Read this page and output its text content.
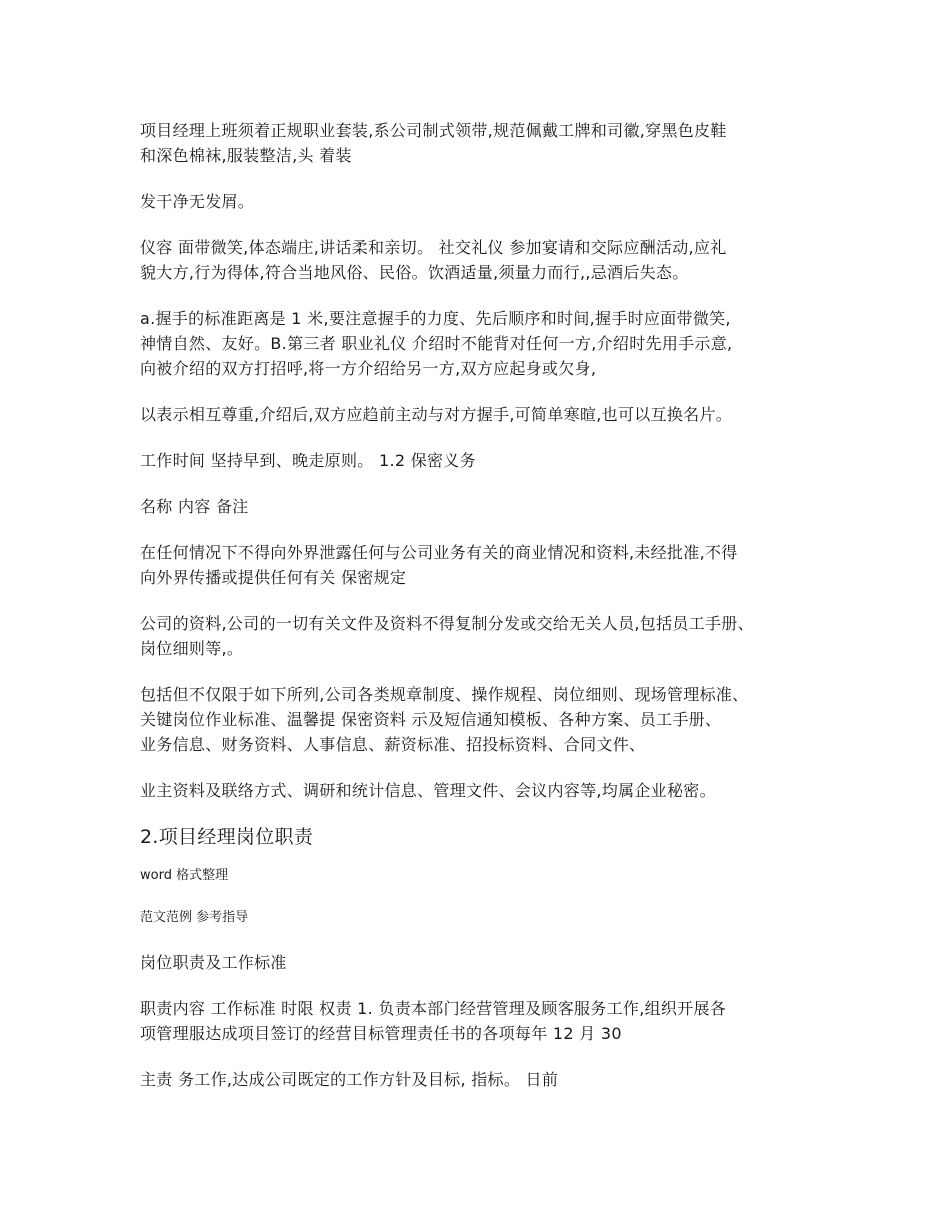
项目经理上班须着正规职业套装,系公司制式领带,规范佩戴工牌和司徽,穿黑色皮鞋
和深色棉袜,服装整洁,头 着装
发干净无发屑。
仪容 面带微笑,体态端庄,讲话柔和亲切。 社交礼仪 参加宴请和交际应酬活动,应礼
貌大方,行为得体,符合当地风俗、民俗。饮酒适量,须量力而行,,忌酒后失态。
a.握手的标准距离是 1 米,要注意握手的力度、先后顺序和时间,握手时应面带微笑,
神情自然、友好。B.第三者 职业礼仪 介绍时不能背对任何一方,介绍时先用手示意,
向被介绍的双方打招呼,将一方介绍给另一方,双方应起身或欠身,
以表示相互尊重,介绍后,双方应趋前主动与对方握手,可简单寒暄,也可以互换名片。
工作时间 坚持早到、晚走原则。 1.2 保密义务
名称 内容 备注
在任何情况下不得向外界泄露任何与公司业务有关的商业情况和资料,未经批准,不得
向外界传播或提供任何有关 保密规定
公司的资料,公司的一切有关文件及资料不得复制分发或交给无关人员,包括员工手册、
岗位细则等,。
包括但不仅限于如下所列,公司各类规章制度、操作规程、岗位细则、现场管理标准、
关键岗位作业标准、温馨提 保密资料 示及短信通知模板、各种方案、员工手册、
业务信息、财务资料、人事信息、薪资标准、招投标资料、合同文件、
业主资料及联络方式、调研和统计信息、管理文件、会议内容等,均属企业秘密。
2.项目经理岗位职责
word 格式整理
范文范例 参考指导
岗位职责及工作标准
职责内容 工作标准 时限 权责 1. 负责本部门经营管理及顾客服务工作,组织开展各
项管理服达成项目签订的经营目标管理责任书的各项每年 12 月 30
主责 务工作,达成公司既定的工作方针及目标, 指标。 日前
